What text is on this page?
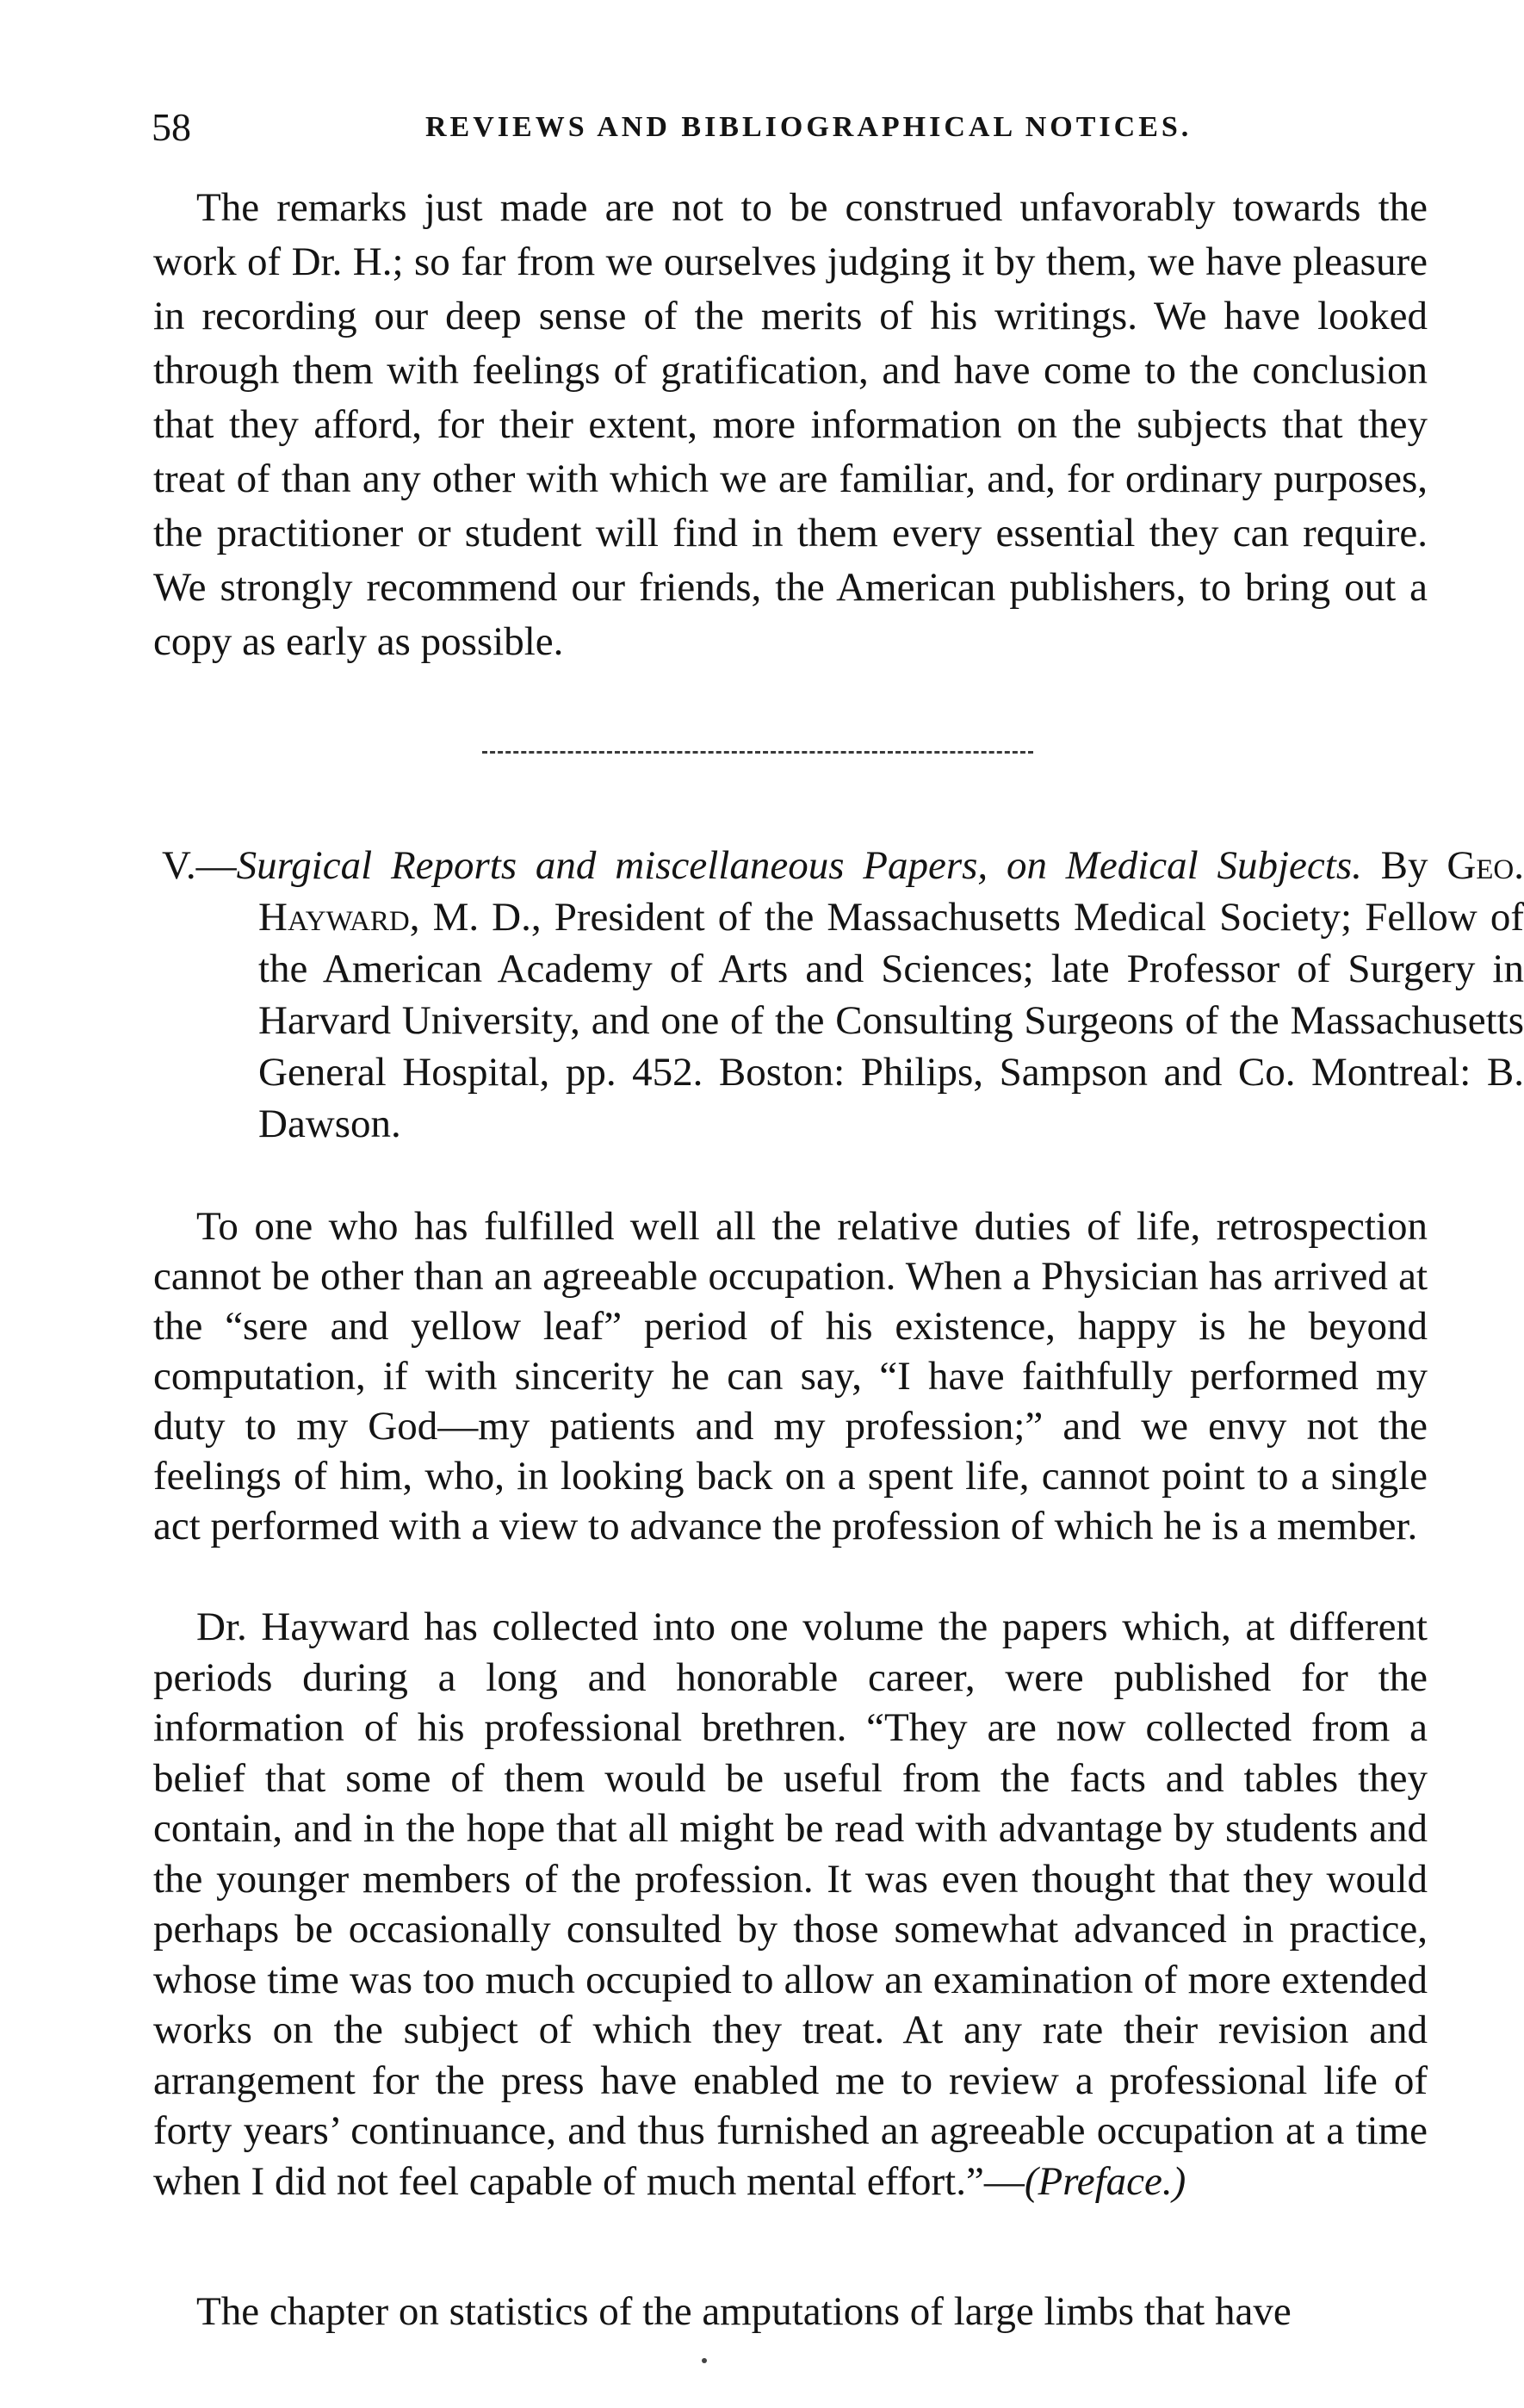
58	REVIEWS AND BIBLIOGRAPHICAL NOTICES.

The remarks just made are not to be construed unfavorably towards the work of Dr. H.; so far from we ourselves judging it by them, we have pleasure in recording our deep sense of the merits of his writings. We have looked through them with feelings of gratification, and have come to the conclusion that they afford, for their extent, more information on the subjects that they treat of than any other with which we are familiar, and, for ordinary purposes, the practitioner or student will find in them every essential they can require. We strongly recommend our friends, the American publishers, to bring out a copy as early as possible.

V.—Surgical Reports and miscellaneous Papers, on Medical Subjects. By Geo. Hayward, M. D., President of the Massachusetts Medical Society; Fellow of the American Academy of Arts and Sciences; late Professor of Surgery in Harvard University, and one of the Consulting Surgeons of the Massachusetts General Hospital, pp. 452. Boston: Philips, Sampson and Co. Montreal: B. Dawson.

To one who has fulfilled well all the relative duties of life, retrospection cannot be other than an agreeable occupation. When a Physician has arrived at the “sere and yellow leaf” period of his existence, happy is he beyond computation, if with sincerity he can say, “I have faithfully performed my duty to my God—my patients and my profession;” and we envy not the feelings of him, who, in looking back on a spent life, cannot point to a single act performed with a view to advance the profession of which he is a member.

Dr. Hayward has collected into one volume the papers which, at different periods during a long and honorable career, were published for the information of his professional brethren. “They are now collected from a belief that some of them would be useful from the facts and tables they contain, and in the hope that all might be read with advantage by students and the younger members of the profession. It was even thought that they would perhaps be occasionally consulted by those somewhat advanced in practice, whose time was too much occupied to allow an examination of more extended works on the subject of which they treat. At any rate their revision and arrangement for the press have enabled me to review a professional life of forty years’ continuance, and thus furnished an agreeable occupation at a time when I did not feel capable of much mental effort.”—(Preface.)

The chapter on statistics of the amputations of large limbs that have
